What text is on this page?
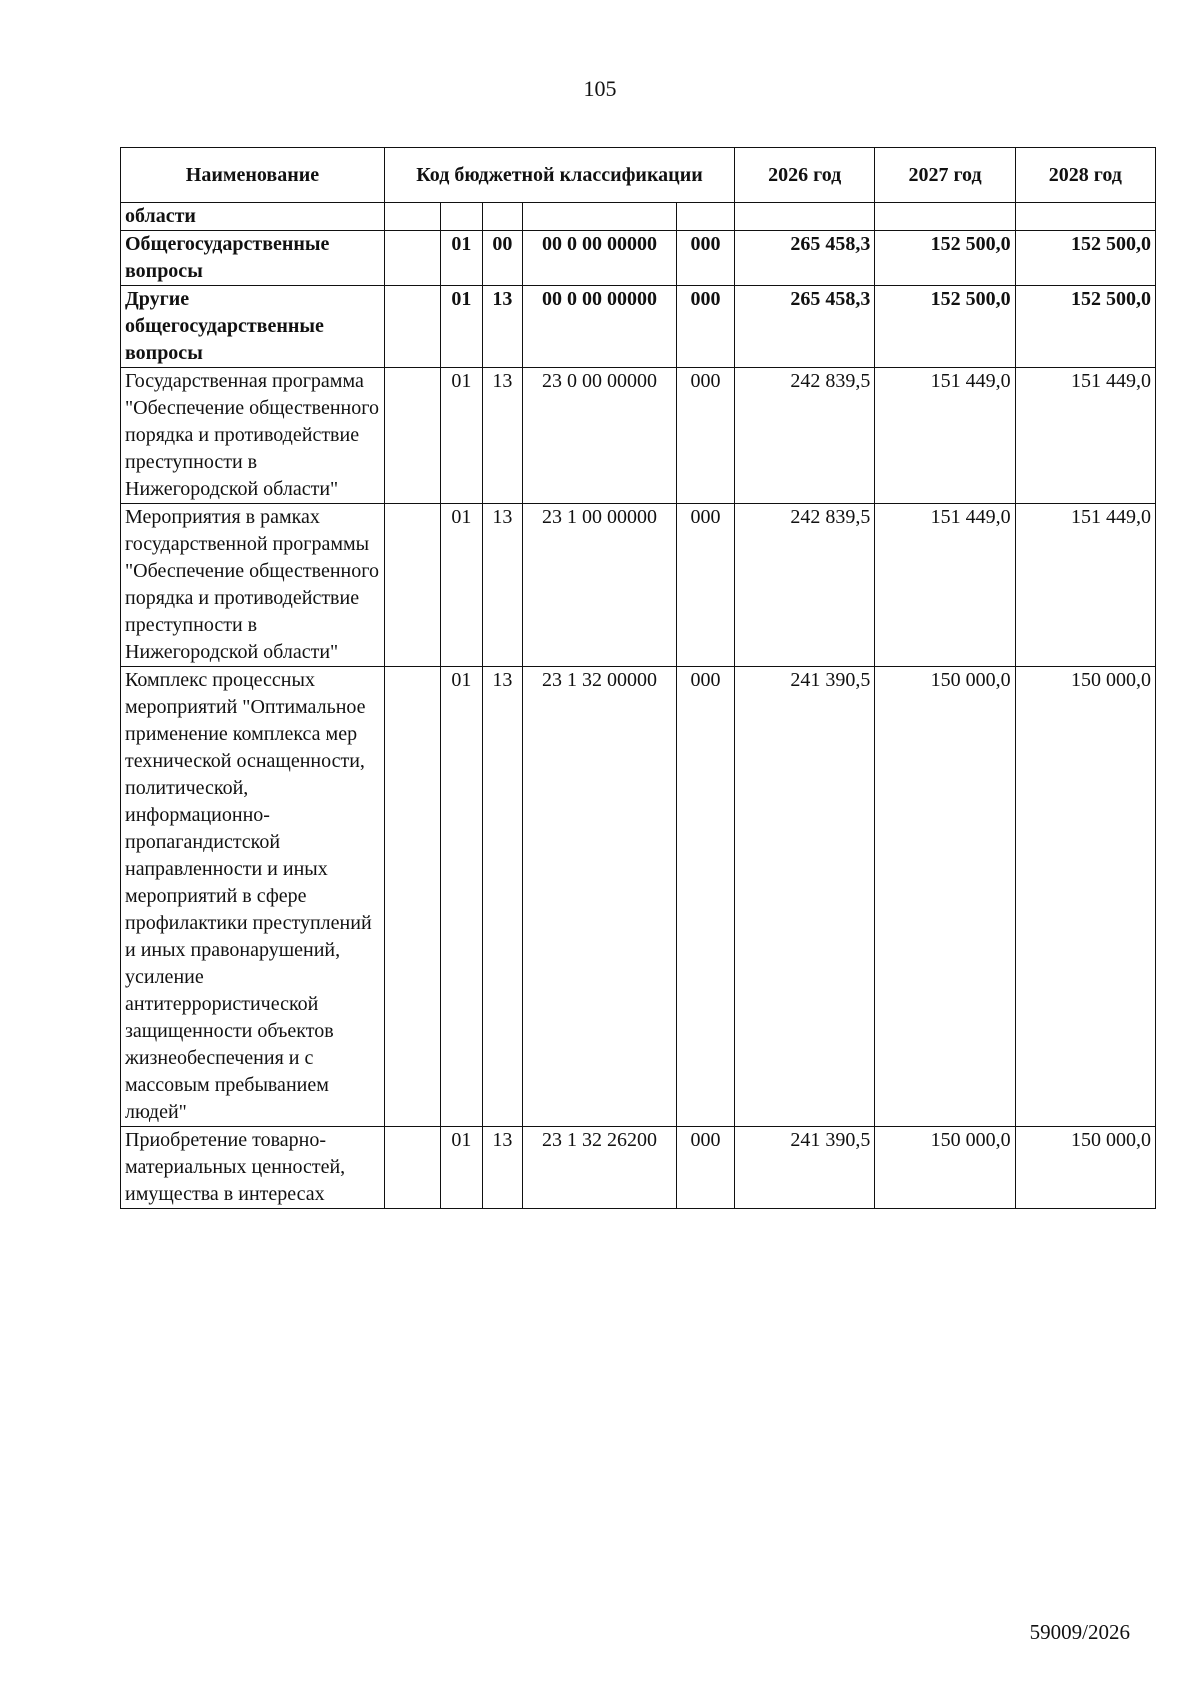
105
Наименование	Код бюджетной классификации					2026 год	2027 год	2028 год
области								
Общегосударственные вопросы		01	00	00 0 00 00000	000	265 458,3	152 500,0	152 500,0
Другие общегосударственные вопросы		01	13	00 0 00 00000	000	265 458,3	152 500,0	152 500,0
Государственная программа "Обеспечение общественного порядка и противодействие преступности в Нижегородской области"		01	13	23 0 00 00000	000	242 839,5	151 449,0	151 449,0
Мероприятия в рамках государственной программы "Обеспечение общественного порядка и противодействие преступности в Нижегородской области"		01	13	23 1 00 00000	000	242 839,5	151 449,0	151 449,0
Комплекс процессных мероприятий "Оптимальное применение комплекса мер технической оснащенности, политической, информационно-пропагандистской направленности и иных мероприятий в сфере профилактики преступлений и иных правонарушений, усиление антитеррористической защищенности объектов жизнеобеспечения и с массовым пребыванием людей"		01	13	23 1 32 00000	000	241 390,5	150 000,0	150 000,0
Приобретение товарно-материальных ценностей, имущества в интересах		01	13	23 1 32 26200	000	241 390,5	150 000,0	150 000,0
59009/2026
